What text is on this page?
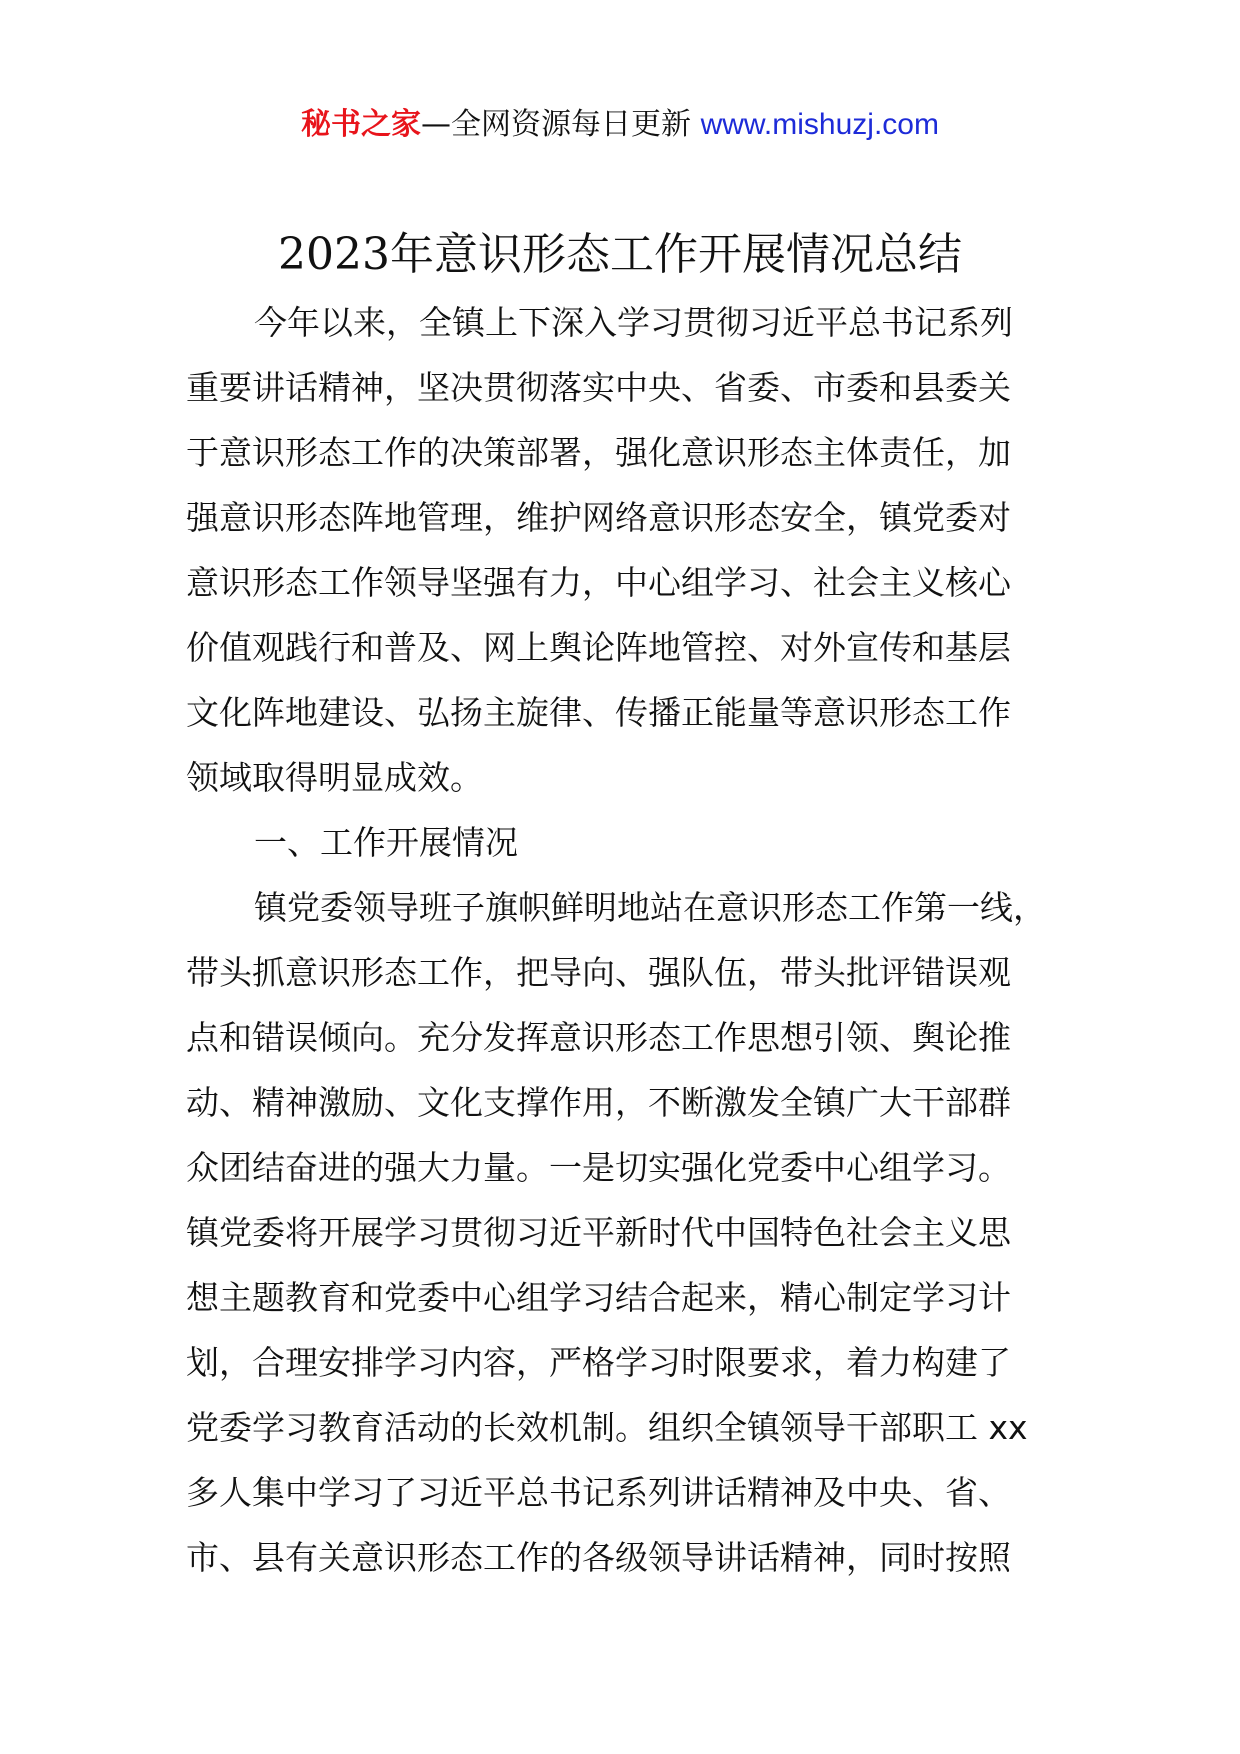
秘书之家—全网资源每日更新 www.mishuzj.com
2023年意识形态工作开展情况总结
今年以来，全镇上下深入学习贯彻习近平总书记系列
重要讲话精神，坚决贯彻落实中央、省委、市委和县委关
于意识形态工作的决策部署，强化意识形态主体责任，加
强意识形态阵地管理，维护网络意识形态安全，镇党委对
意识形态工作领导坚强有力，中心组学习、社会主义核心
价值观践行和普及、网上舆论阵地管控、对外宣传和基层
文化阵地建设、弘扬主旋律、传播正能量等意识形态工作
领域取得明显成效。
一、工作开展情况
镇党委领导班子旗帜鲜明地站在意识形态工作第一线，
带头抓意识形态工作，把导向、强队伍，带头批评错误观
点和错误倾向。充分发挥意识形态工作思想引领、舆论推
动、精神激励、文化支撑作用，不断激发全镇广大干部群
众团结奋进的强大力量。一是切实强化党委中心组学习。
镇党委将开展学习贯彻习近平新时代中国特色社会主义思
想主题教育和党委中心组学习结合起来，精心制定学习计
划，合理安排学习内容，严格学习时限要求，着力构建了
党委学习教育活动的长效机制。组织全镇领导干部职工 xx
多人集中学习了习近平总书记系列讲话精神及中央、省、
市、县有关意识形态工作的各级领导讲话精神，同时按照
